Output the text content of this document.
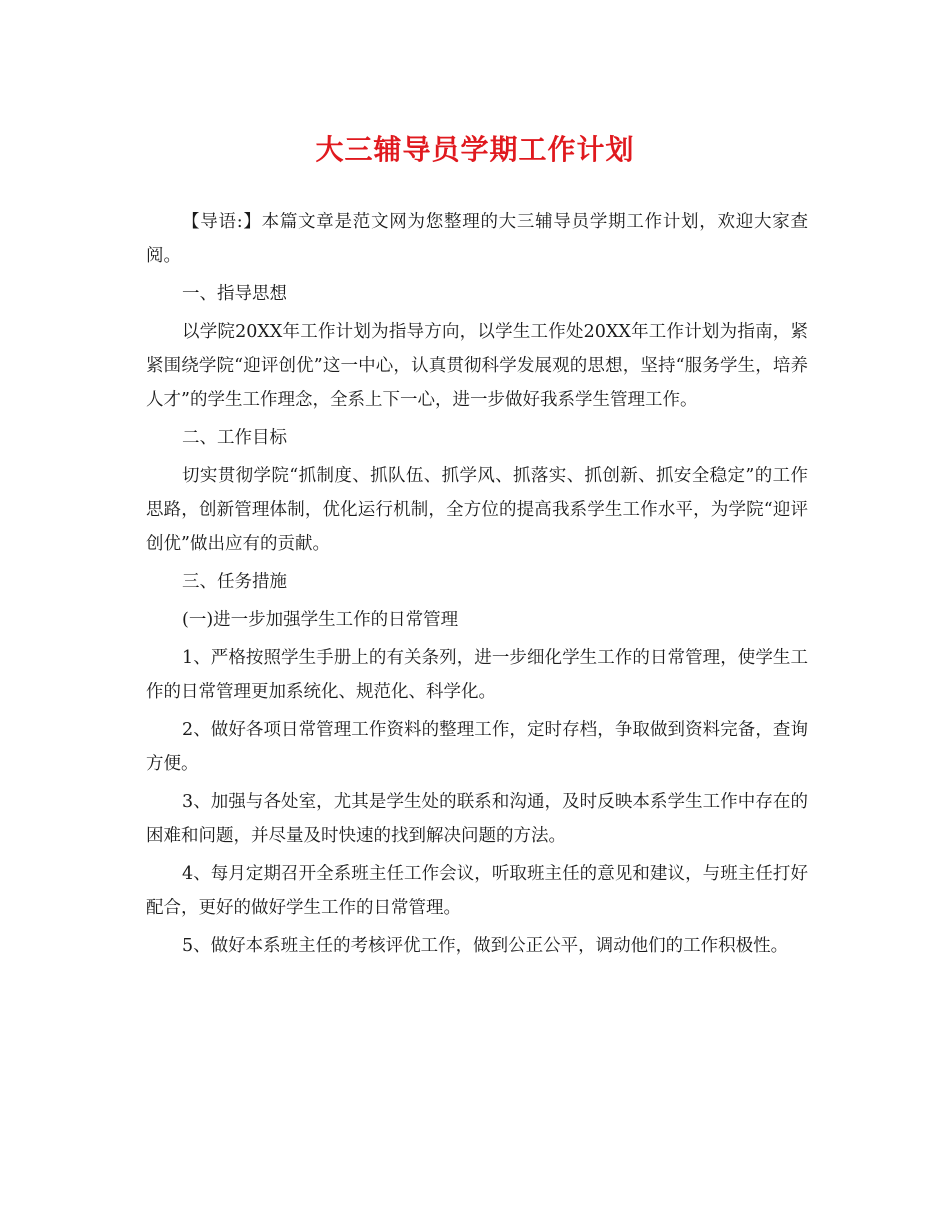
大三辅导员学期工作计划

【导语:】本篇文章是范文网为您整理的大三辅导员学期工作计划，欢迎大家查阅。

一、指导思想

以学院20XX年工作计划为指导方向，以学生工作处20XX年工作计划为指南，紧紧围绕学院“迎评创优”这一中心，认真贯彻科学发展观的思想，坚持“服务学生，培养人才”的学生工作理念，全系上下一心，进一步做好我系学生管理工作。

二、工作目标

切实贯彻学院“抓制度、抓队伍、抓学风、抓落实、抓创新、抓安全稳定”的工作思路，创新管理体制，优化运行机制，全方位的提高我系学生工作水平，为学院“迎评创优”做出应有的贡献。

三、任务措施

(一)进一步加强学生工作的日常管理

1、严格按照学生手册上的有关条列，进一步细化学生工作的日常管理，使学生工作的日常管理更加系统化、规范化、科学化。

2、做好各项日常管理工作资料的整理工作，定时存档，争取做到资料完备，查询方便。

3、加强与各处室，尤其是学生处的联系和沟通，及时反映本系学生工作中存在的困难和问题，并尽量及时快速的找到解决问题的方法。

4、每月定期召开全系班主任工作会议，听取班主任的意见和建议，与班主任打好配合，更好的做好学生工作的日常管理。

5、做好本系班主任的考核评优工作，做到公正公平，调动他们的工作积极性。
